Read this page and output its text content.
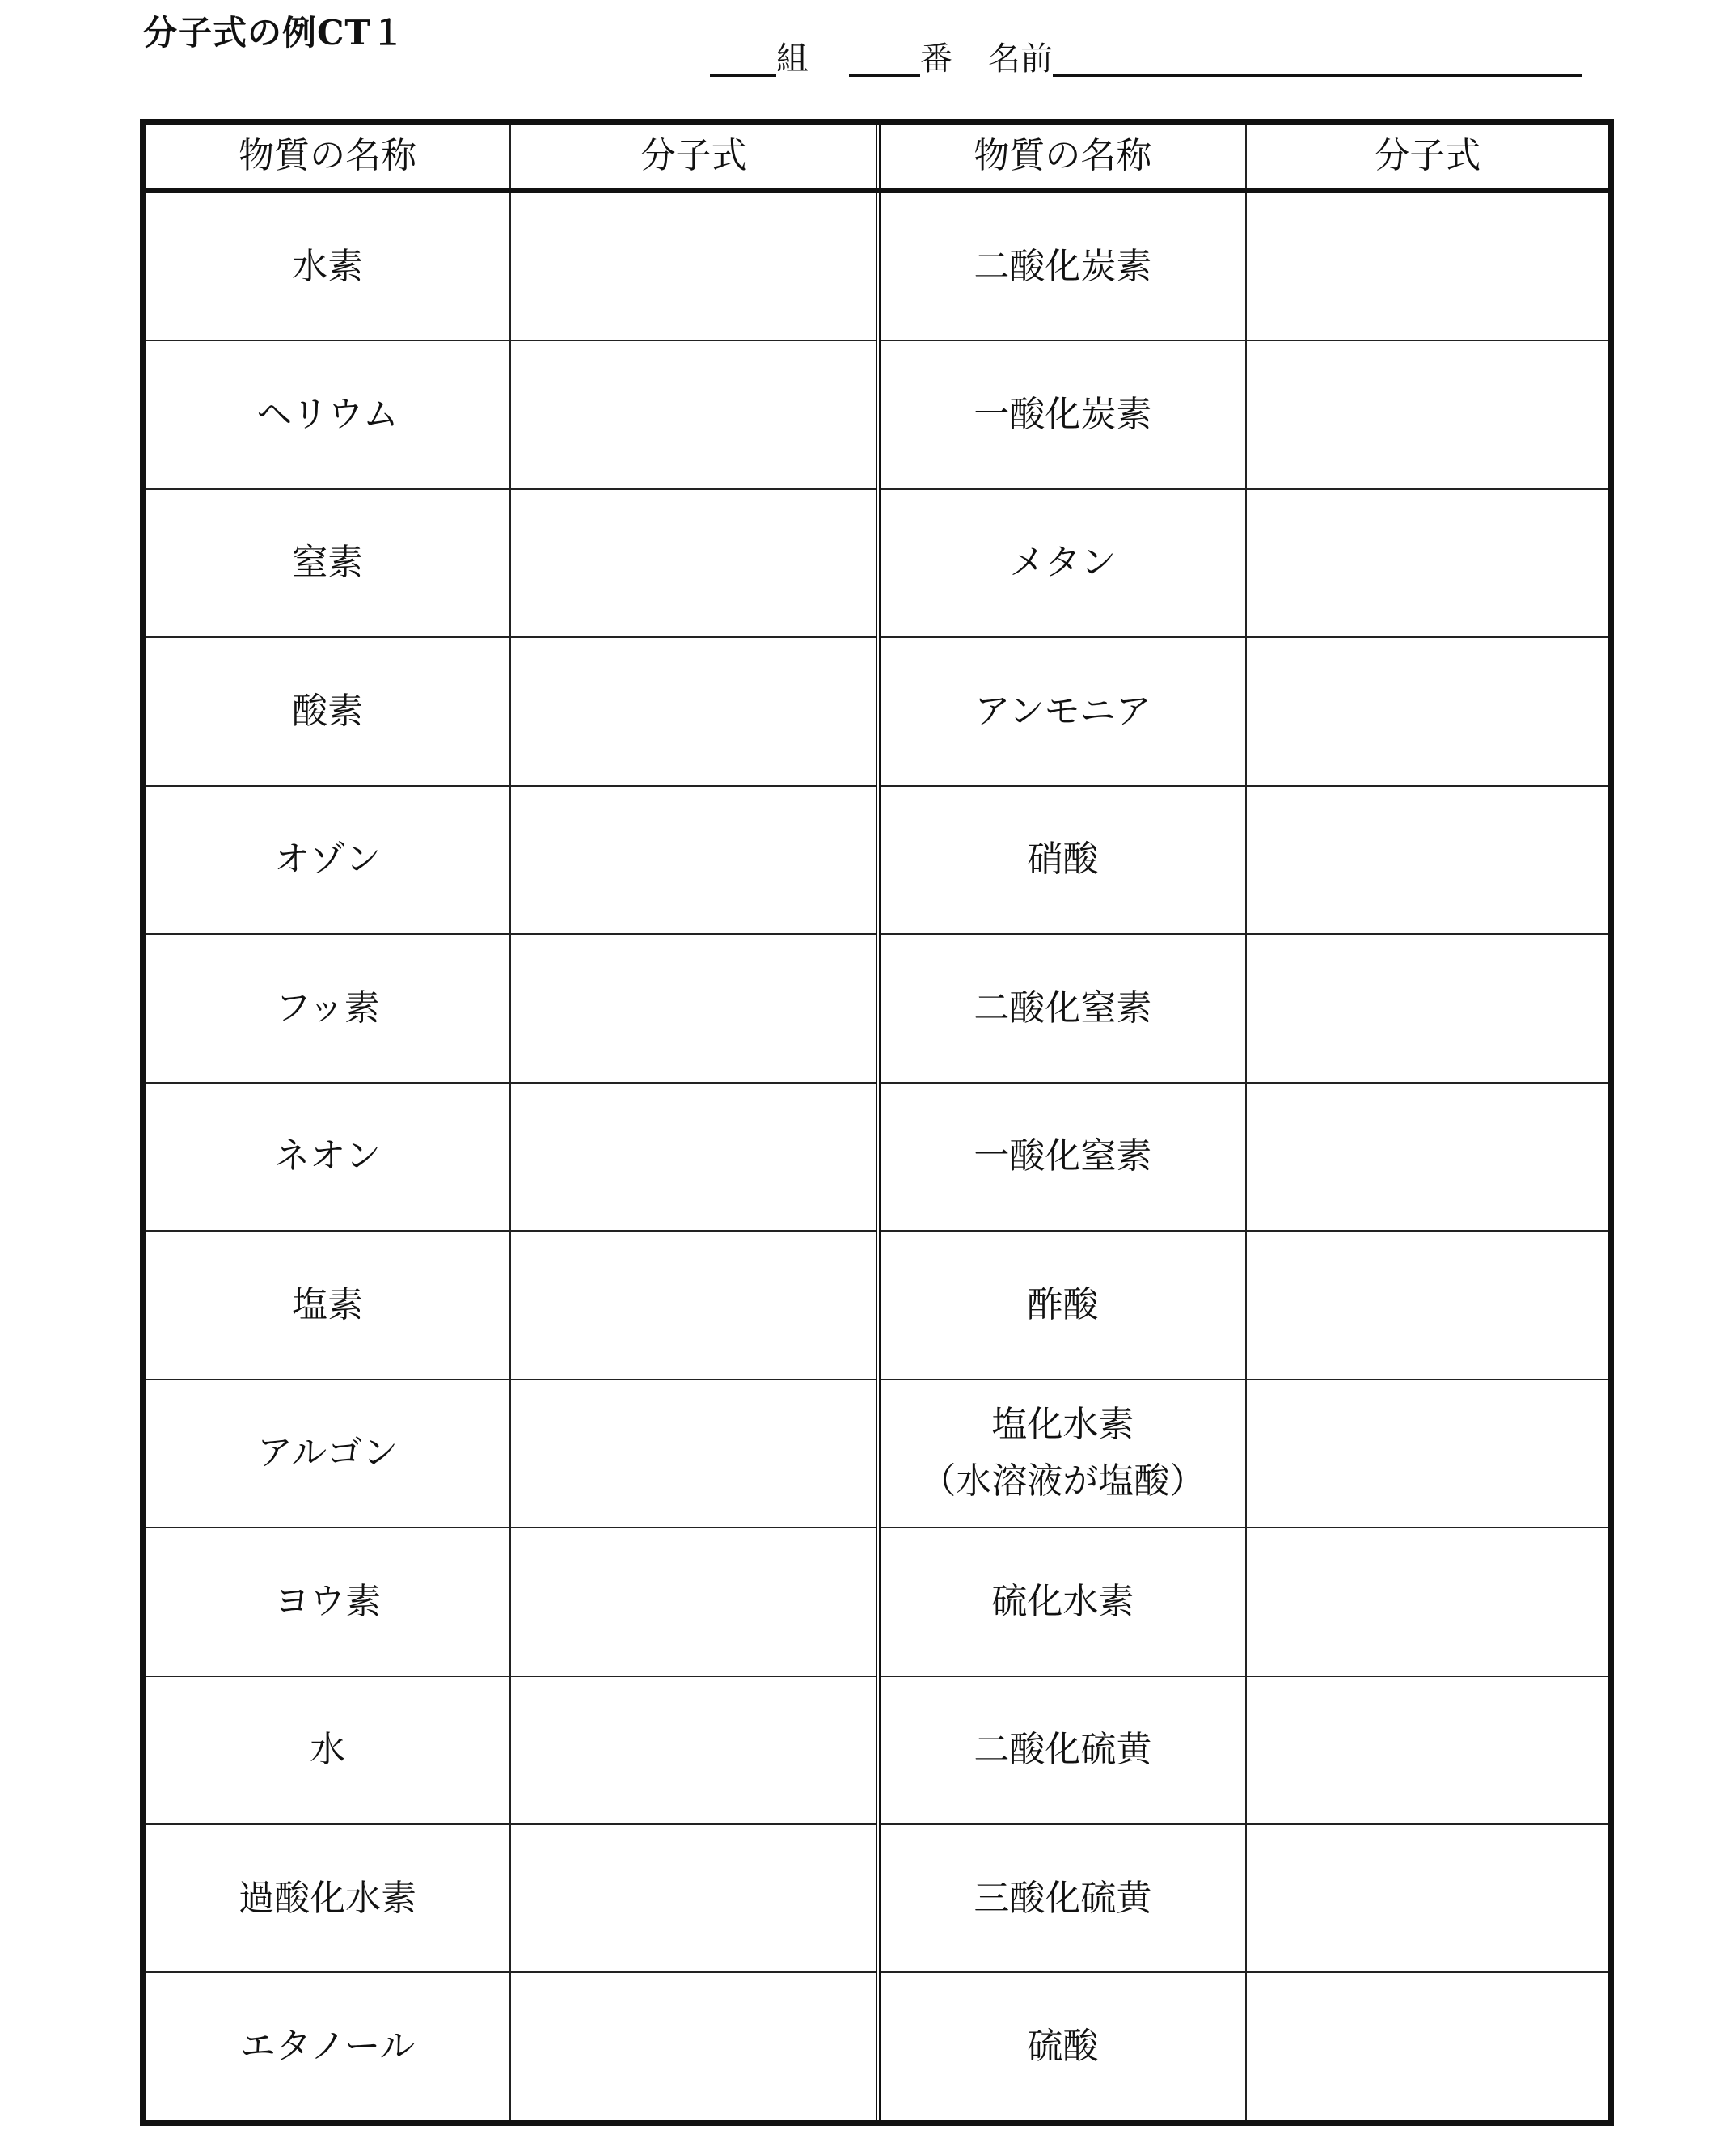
分子式の例CT１
組	番 名前
物質の名称	分子式	物質の名称	分子式
水素		二酸化炭素	
ヘリウム		一酸化炭素	
窒素		メタン	
酸素		アンモニア	
オゾン		硝酸	
フッ素		二酸化窒素	
ネオン		一酸化窒素	
塩素		酢酸	
アルゴン		塩化水素
（水溶液が塩酸）	

ヨウ素		硫化水素	
水		二酸化硫黄	
過酸化水素		三酸化硫黄	
エタノール		硫酸	
